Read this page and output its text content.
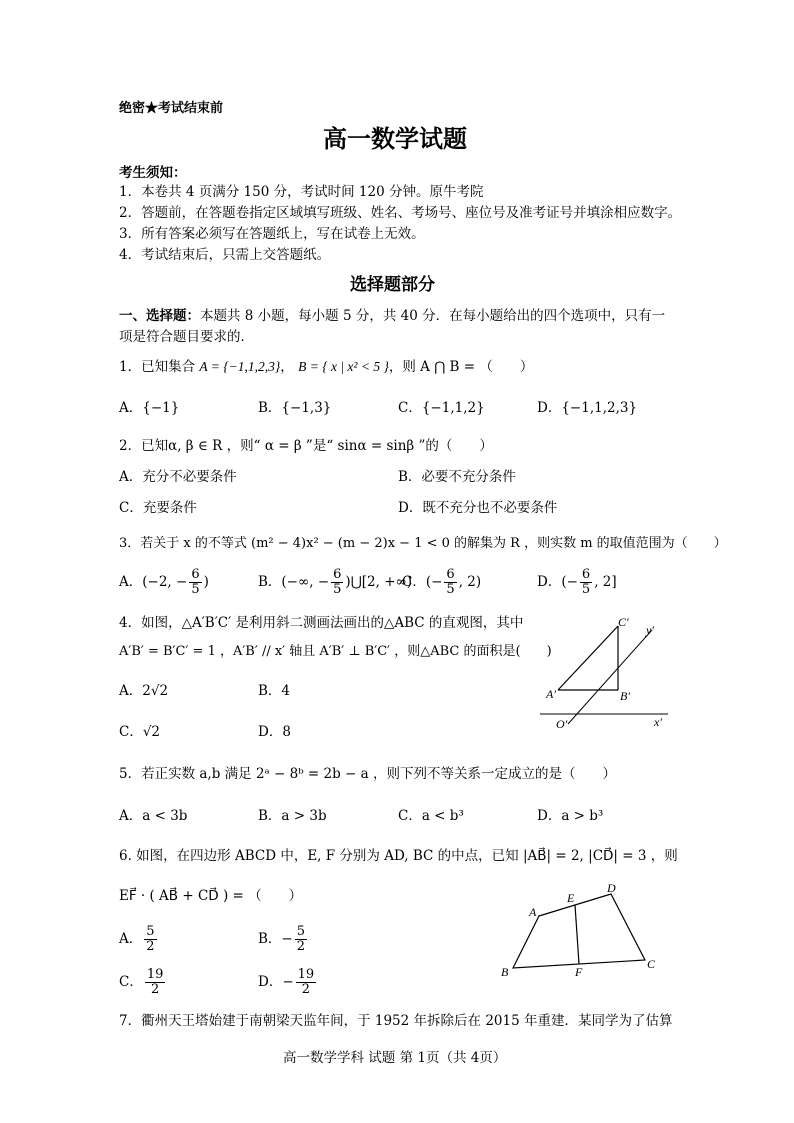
绝密★考试结束前
高一数学试题
考生须知：
1．本卷共 4 页满分 150 分，考试时间 120 分钟。原牛考院
2．答题前，在答题卷指定区域填写班级、姓名、考场号、座位号及准考证号并填涂相应数字。
3．所有答案必须写在答题纸上，写在试卷上无效。
4．考试结束后，只需上交答题纸。
选择题部分
一、选择题：本题共 8 小题，每小题 5 分，共 40 分．在每小题给出的四个选项中，只有一
项是符合题目要求的．
1．已知集合 A = {−1,1,2,3}， B = { x | x² < 5 }，则 A ⋂ B = （　　）
A．{−1}	B．{−1,3}	C．{−1,1,2}	D．{−1,1,2,3}
2．已知α, β ∈ R ，则“ α = β ”是“ sinα = sinβ ”的（　　）
A．充分不必要条件	B．必要不充分条件
C．充要条件	D．既不充分也不必要条件
3．若关于 x 的不等式 (m² − 4)x² − (m − 2)x − 1 < 0 的解集为 R ，则实数 m 的取值范围为（　　）
A．(−2, − $\frac{6}{5}$ )	B．(−∞, − $\frac{6}{5}$ )⋃[2, +∞)
C．(− $\frac{6}{5}$ , 2)	D．(− $\frac{6}{5}$ , 2]
4．如图，△A′B′C′ 是利用斜二测画法画出的△ABC 的直观图，其中
A′B′ = B′C′ = 1 ，A′B′ // x′ 轴且 A′B′ ⊥ B′C′ ，则△ABC 的面积是(　　)
A．2√2	B．4
C．√2	D．8
C′
y′
A′	B′
O′	x′
5．若正实数 a,b 满足 2ᵃ − 8ᵇ = 2b − a ，则下列不等关系一定成立的是（　　）
A．a < 3b	B．a > 3b	C．a < b³	D．a > b³
6. 如图，在四边形 ABCD 中，E, F 分别为 AD, BC 的中点，已知 |AB⃗| = 2, |CD⃗| = 3 ，则
EF⃗ · ( AB⃗ + CD⃗ ) = （　　）
A． $\frac{5}{2}$	B．− $\frac{5}{2}$
C． $\frac{19}{2}$	D．− $\frac{19}{2}$
A
E
D
B	F
C
7．衢州天王塔始建于南朝梁天监年间，于 1952 年拆除后在 2015 年重建．某同学为了估算
高一数学学科 试题 第 1页（共 4页）
